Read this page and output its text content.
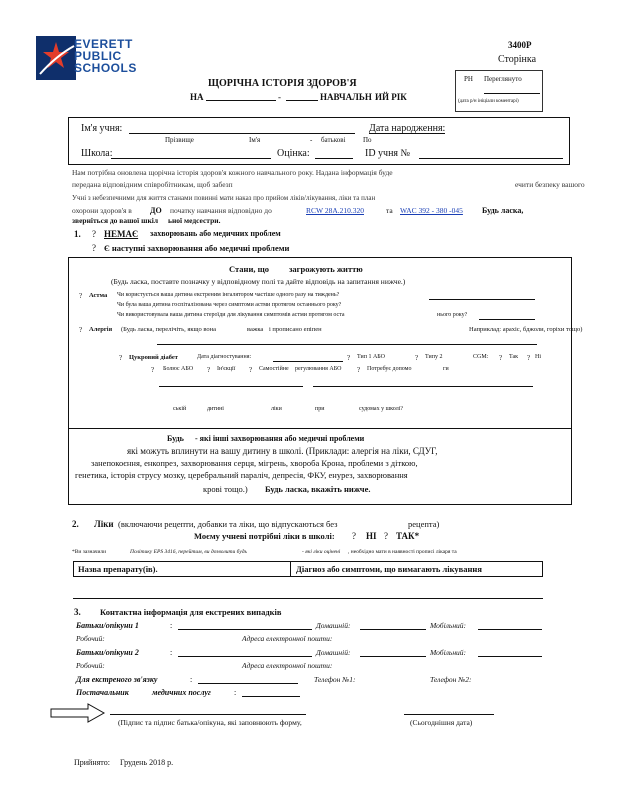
EVERETT
PUBLIC
SCHOOLS
3400P
Сторінка
РН Переглянуто
(дата р/н ініціали коментарі)
ЩОРІЧНА ІСТОРІЯ ЗДОРОВ'Я
НА	-	НАВЧАЛЬН ИЙ РІК
Ім'я учня:	Дата народження:
Прізвище	Ім'я	- батькові По
Школа:	Оцінка:	ID учня №
Нам потрібна оновлена щорічна історія здоров'я кожного навчального року. Надана інформація буде
передана відповідним співробітникам, щоб забезп	ечити безпеку вашого
Учні з небезпечними для життя станами повинні мати наказ про прийом ліків/лікування, ліки та план
охорони здоров'я в ДО початку навчання відповідно до	RCW 28A.210.320	та WAC 392 - 380 -045 Будь ласка,
зверніться до вашої шкіл ьної медсестри.
1. ? НЕМАЄ захворювань або медичних проблем
? Є наступні захворювання або медичні проблеми
Стани, що загрожують життю
(Будь ласка, поставте позначку у відповідному полі та дайте відповідь на запитання нижче.)
? Астма Чи користується ваша дитина екстреним інгалятором частіше одного разу на тиждень?
Чи була ваша дитина госпіталізована через симптоми астми протягом останнього року?
Чи використовувала ваша дитина стероїди для лікування симптомів астми протягом оста	нього року?
? Алергія (Будь ласка, перелічіть, якщо вона	важка і прописано епіпен	Наприклад: арахіс, бджоли, горіхи тощо)
? Цукровий діабет	Дата діагностування:	? Тип 1 АБО	? Типу 2	CGM: ? Так ? Ні
? Болюс АБО ? Ін'єкції ? Самостійне регулювання АБО ? Потребує допомо	ги
ській	дитині	ліки	при	судомах у школі?
Будь - які інші захворювання або медичні проблеми
які можуть вплинути на вашу дитину в школі. (Приклади: алергія на ліки, СДУГ,
занепокоєння, енкопрез, захворювання серця, мігрень, хвороба Крона, проблеми з діткою,
генетика, історія струсу мозку, церебральний параліч, депресія, ФКУ, енурез, захворювання
крові тощо.) Будь ласка, вкажіть нижче.
2. Ліки (включаючи рецепти, добавки та ліки, що відпускаються без	рецепта)
Моєму учневі потрібні ліки в школі: ? НІ ? ТАК*
*Ви зазначили	Політику EPS 3416, перейтим, ви дозволити будь	- які ліки оцінені , необхідно мати в наявності прописі лікаря та
Назва препарату(ів).	Діагноз або симптоми, що вимагають лікування
3. Контактна інформація для екстрених випадків
Батьки/опікуни 1	:	Домашній:	Мобільний:
Робочий:	Адреса електронної пошти:
Батьки/опікуни 2	:	Домашній:	Мобільний:
Робочий:	Адреса електронної пошти:
Для екстреного зв'язку	:	Телефон №1:	Телефон №2:
Постачальник	медичних послуг	:
(Підпис та підпис батька/опікуна, які заповнюють форму,	(Сьогоднішня дата)
Прийнято: Грудень 2018 р.
